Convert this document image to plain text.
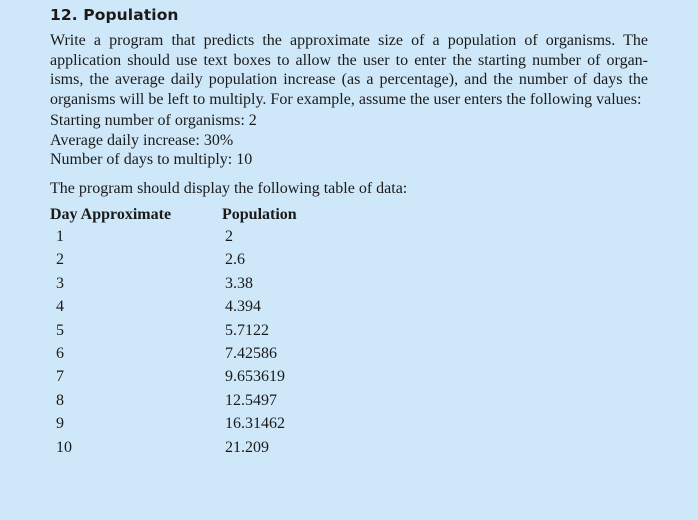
12. Population

Write a program that predicts the approximate size of a population of organisms. The application should use text boxes to allow the user to enter the starting number of organ-isms, the average daily population increase (as a percentage), and the number of days the organisms will be left to multiply. For example, assume the user enters the following values:

Starting number of organisms: 2
Average daily increase: 30%
Number of days to multiply: 10
The program should display the following table of data:
Day Approximate	Population
1	2
2	2.6
3	3.38
4	4.394
5	5.7122
6	7.42586
7	9.653619
8	12.5497
9	16.31462
10	21.209
